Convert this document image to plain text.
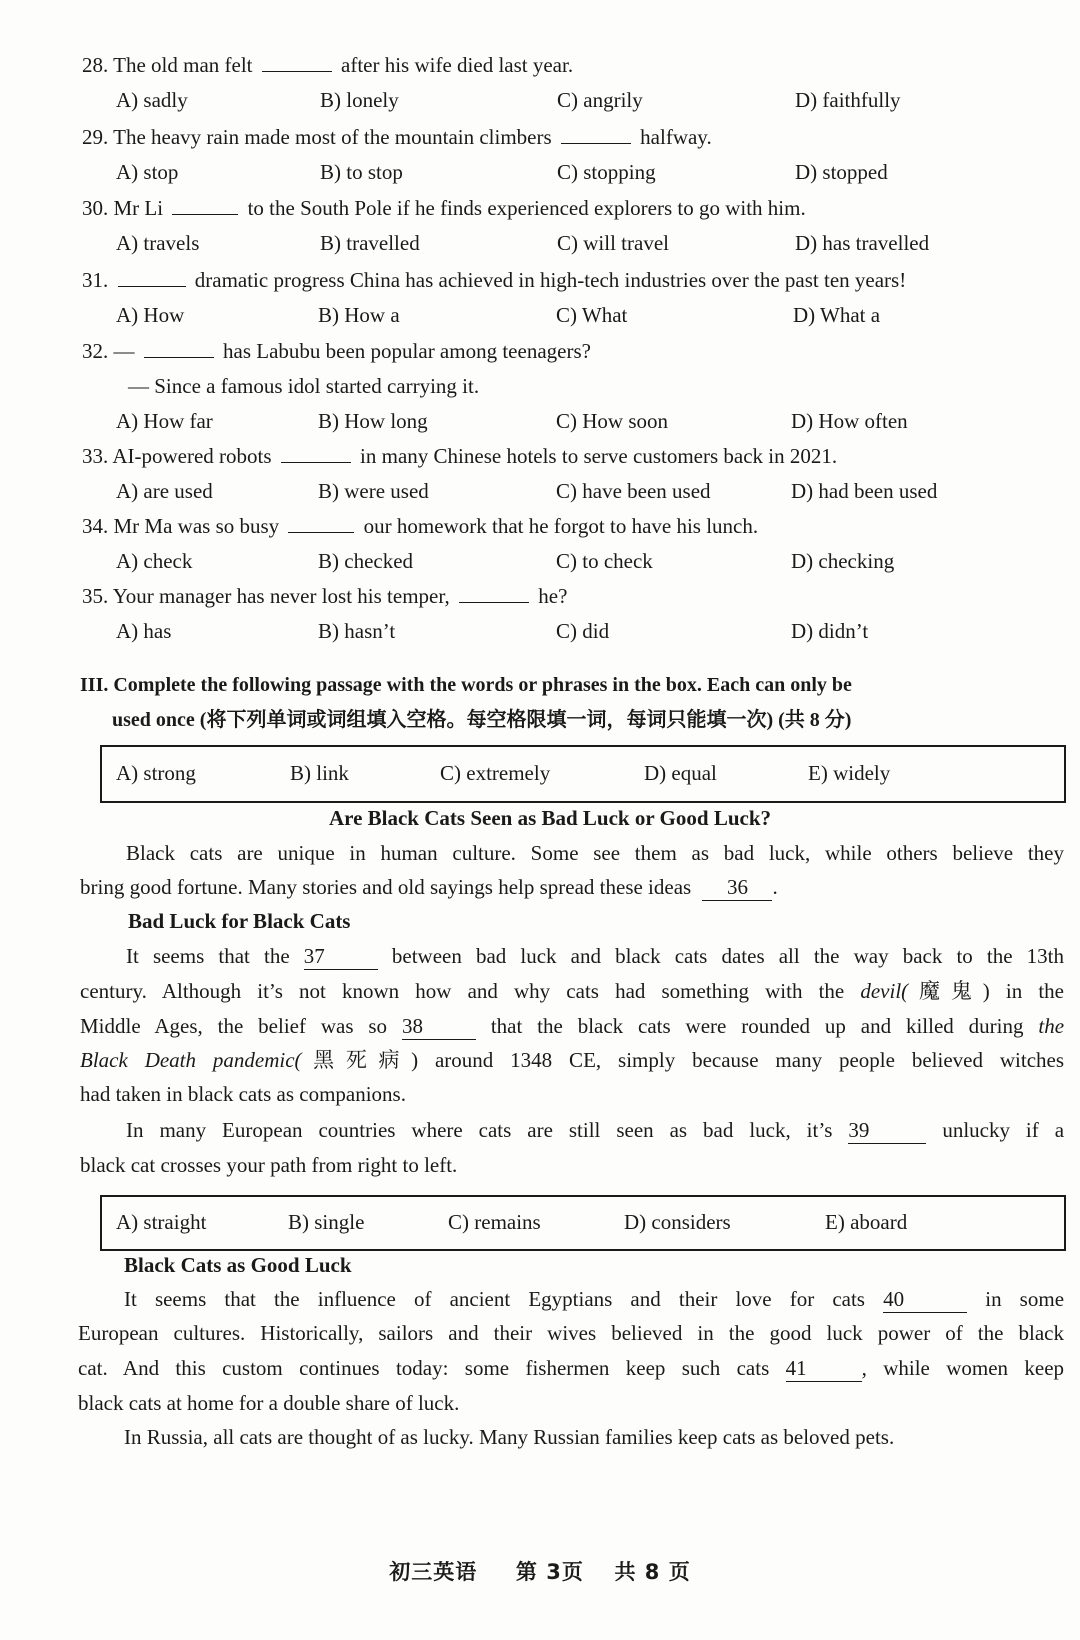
28. The old man felt	after his wife died last year.
A) sadly	B) lonely	C) angrily	D) faithfully
29. The heavy rain made most of the mountain climbers	halfway.
A) stop	B) to stop	C) stopping	D) stopped
30. Mr Li	to the South Pole if he finds experienced explorers to go with him.
A) travels	B) travelled	C) will travel	D) has travelled
31.	dramatic progress China has achieved in high-tech industries over the past ten years!
A) How	B) How a	C) What	D) What a
32. —	has Labubu been popular among teenagers?
— Since a famous idol started carrying it.
A) How far	B) How long	C) How soon	D) How often
33. AI-powered robots	in many Chinese hotels to serve customers back in 2021.
A) are used	B) were used	C) have been used	D) had been used
34. Mr Ma was so busy	our homework that he forgot to have his lunch.
A) check	B) checked	C) to check	D) checking
35. Your manager has never lost his temper,	he?
A) has	B) hasn’t	C) did	D) didn’t
III. Complete the following passage with the words or phrases in the box. Each can only be
used once (将下列单词或词组填入空格。每空格限填一词，每词只能填一次) (共 8 分)
A) strong	B) link	C) extremely	D) equal	E) widely
Are Black Cats Seen as Bad Luck or Good Luck?
Black cats are unique in human culture. Some see them as bad luck, while others believe they
bring good fortune. Many stories and old sayings help spread these ideas 36 .
Bad Luck for Black Cats
It seems that the 37	between bad luck and black cats dates all the way back to the 13th
century. Although it’s not known how and why cats had something with the devil(魔鬼) in the
Middle Ages, the belief was so 38	that the black cats were rounded up and killed during the
Black Death pandemic(黑死病) around 1348 CE, simply because many people believed witches
had taken in black cats as companions.
In many European countries where cats are still seen as bad luck, it’s 39	unlucky if a
black cat crosses your path from right to left.
A) straight	B) single	C) remains	D) considers	E) aboard
Black Cats as Good Luck
It seems that the influence of ancient Egyptians and their love for cats 40	in some
European cultures. Historically, sailors and their wives believed in the good luck power of the black
cat. And this custom continues today: some fishermen keep such cats 41	, while women keep
black cats at home for a double share of luck.
In Russia, all cats are thought of as lucky. Many Russian families keep cats as beloved pets.
初三英语 第 3页 共 8 页
